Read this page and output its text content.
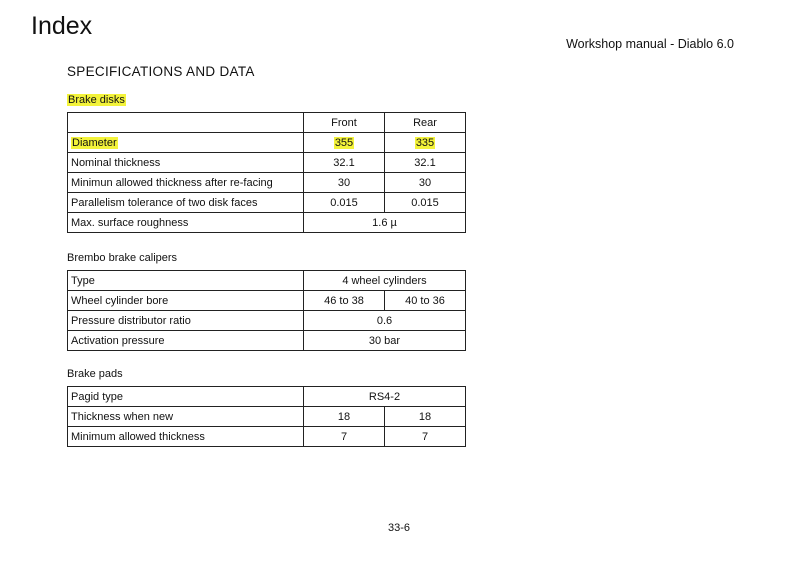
Index
Workshop manual - Diablo 6.0
SPECIFICATIONS AND DATA
Brake disks
	Front	Rear
Diameter	355	335
Nominal thickness	32.1	32.1
Minimun allowed thickness after re-facing	30	30
Parallelism tolerance of two disk faces	0.015	0.015
Max. surface roughness	1.6 µ	
Brembo brake calipers
Type	4 wheel cylinders	
Wheel cylinder bore	46 to 38	40 to 36
Pressure distributor ratio	0.6	
Activation pressure	30 bar	
Brake pads
Pagid type	RS4-2	
Thickness when new	18	18
Minimum allowed thickness	7	7
33-6
